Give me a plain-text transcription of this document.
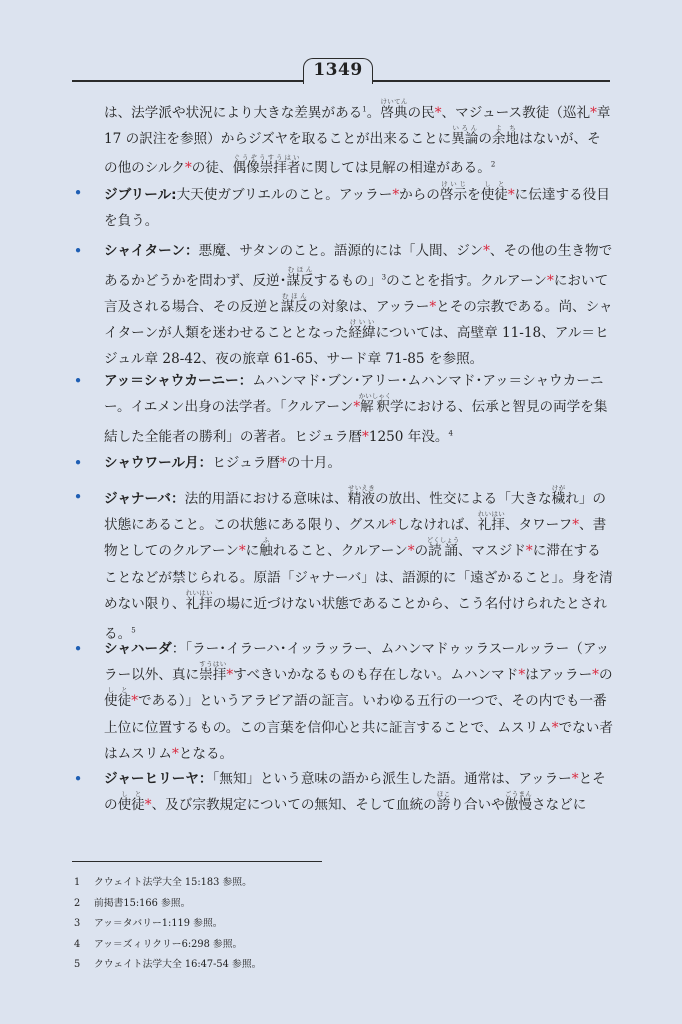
1349
は、法学派や状況により大きな差異がある$^1$。啓典けいてんの民*、マジュース教徒（巡礼*章 17 の訳注を参照）からジズヤを取ることが出来ることに異論いろんの余地よちはないが、その他のシルク*の徒、偶像崇拝者ぐうぞうすうはいに関しては見解の相違がある。$^2$
• ジブリール:大天使ガブリエルのこと。アッラー*からの啓示けいじを使徒しと*に伝達する役目を負う。
• シャイターン：悪魔、サタンのこと。語源的には「人間、ジン*、その他の生き物であるかどうかを問わず、反逆･謀反むほんするもの」$^3$のことを指す。クルアーン*において言及される場合、その反逆と謀反むほんの対象は、アッラー*とその宗教である。尚、シャイターンが人類を迷わせることとなった経緯けいいについては、高壁章 11-18、アル＝ヒジュル章 28-42、夜の旅章 61-65、サード章 71-85 を参照。
• アッ＝シャウカーニー：ムハンマド･ブン･アリー･ムハンマド･アッ＝シャウカーニー。イエメン出身の法学者。「クルアーン*解釈かいしゃく学における、伝承と智見の両学を集結した全能者の勝利」の著者。ヒジュラ暦*1250 年没。$^4$
• シャウワール月：ヒジュラ暦*の十月。
• ジャナーバ：法的用語における意味は、精液せいえきの放出、性交による「大きな穢けがれ」の状態にあること。この状態にある限り、グスル*しなければ、礼拝れいはい、タワーフ*、書物としてのクルアーン*に触ふれること、クルアーン*の読誦どくしょう、マスジド*に滞在することなどが禁じられる。原語「ジャナーバ」は、語源的に「遠ざかること」。身を清めない限り、礼拝れいはいの場に近づけない状態であることから、こう名付けられたとされる。$^5$
• シャハーダ：「ラー･イラーハ･イッラッラー、ムハンマドゥッラスールッラー（アッラー以外、真に崇拝すうはい*すべきいかなるものも存在しない。ムハンマド*はアッラー*の使徒しと*である）」というアラビア語の証言。いわゆる五行の一つで、その内でも一番上位に位置するもの。この言葉を信仰心と共に証言することで、ムスリム*でない者はムスリム*となる。
• ジャーヒリーヤ：「無知」という意味の語から派生した語。通常は、アッラー*とその使徒しと*、及び宗教規定についての無知、そして血統の誇ほこり合いや傲慢ごうまんさなどに
1	クウェイト法学大全 15:183 参照。
2	前掲書15:166 参照。
3	アッ＝タバリー1:119 参照。
4	アッ＝ズィリクリー6:298 参照。
5	クウェイト法学大全 16:47-54 参照。
